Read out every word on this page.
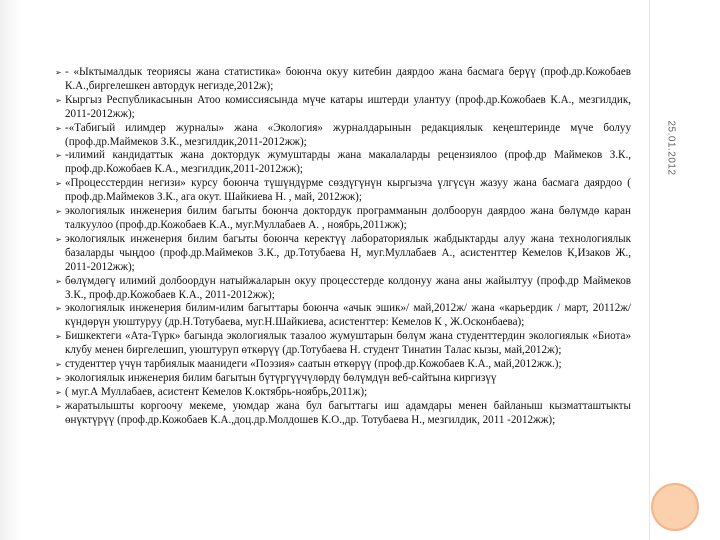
25.01.2012
➢ - «Ыктымалдык теориясы жана статистика» боюнча окуу китебин даярдоо жана басмага берүү (проф.др.Кожобаев К.А.,биргелешкен автордук негизде,2012ж);
➢ Кыргыз Республикасынын Атоо комиссиясында мүче катары иштерди улантуу (проф.др.Кожобаев К.А., мезгилдик, 2011-2012жж);
➢ -«Табигый илимдер журналы» жана «Экология» журналдарынын редакциялык кеңештеринде мүче болуу (проф.др.Маймеков З.К., мезгилдик,2011-2012жж);
➢ -илимий кандидаттык жана доктордук жумуштарды жана макалаларды рецензиялоо (проф.др Маймеков З.К., проф.др.Кожобаев К.А., мезгилдик,2011-2012жж);
➢ «Процесстердин негизи» курсу боюнча түшүндүрме сөздүгүнүн кыргызча үлгүсүн жазуу жана басмага даярдоо ( проф.др.Маймеков З.К., ага окут. Шайкиева Н. , май, 2012жж);
➢ экологиялык инженерия билим багыты боюнча доктордук программанын долбоорун даярдоо жана бөлүмдө каран талкуулоо (проф.др.Кожобаев К.А., муг.Муллабаев А. , ноябрь,2011жж);
➢ экологиялык инженерия билим багыты боюнча керектүү лабораториялык жабдыктарды алуу жана технологиялык базаларды чыңдоо (проф.др.Маймеков З.К., др.Тотубаева Н, муг.Муллабаев А., асистенттер Кемелов К,Изаков Ж., 2011-2012жж);
➢ бөлүмдөгү илимий долбоордун натыйжаларын окуу процесстерде колдонуу жана аны жайылтуу (проф.др Маймеков З.К., проф.др.Кожобаев К.А., 2011-2012жж);
➢ экологиялык инженерия билим-илим багыттары боюнча «ачык эшик»/ май,2012ж/ жана «карьердик / март, 20112ж/ күндөрүн уюштуруу (др.Н.Тотубаева, муг.Н.Шайкиева, асистенттер: Кемелов К , Ж.Осконбаева);
➢ Бишкектеги «Ата-Түрк» багында экологиялык тазалоо жумуштарын бөлүм жана студенттердин экологиялык «Биота» клубу менен биргелешип, уюштуруп өткөрүү (др.Тотубаева Н. студент Тинатин Талас кызы, май,2012ж);
➢ студенттер үчүн тарбиялык маанидеги «Поэзия» саатын өткөрүү (проф.др.Кожобаев К.А., май,2012жж.);
➢ экологиялык инженерия билим багытын бүтүргүүчүлөрдү бөлүмдүн веб-сайтына киргизүү
➢ ( муг.А Муллабаев, асистент Кемелов К.октябрь-ноябрь,2011ж);
➢ жаратылышты коргоочу мекеме, уюмдар жана бул багыттагы иш адамдары менен байланыш кызматташтыкты өнүктүрүү (проф.др.Кожобаев К.А.,доц.др.Молдошев К.О.,др. Тотубаева Н., мезгилдик, 2011 -2012жж);
